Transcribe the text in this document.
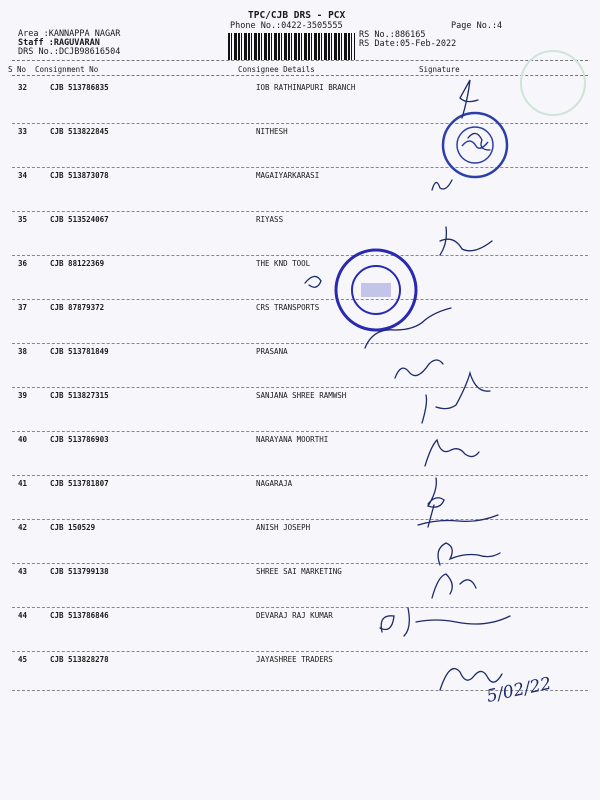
TPC/CJB DRS - PCX
Phone No.:0422-3505555	Page No.:4
Area :KANNAPPA NAGAR
Staff :RAGUVARAN
DRS No.:DCJB98616504
RS No.:886165
RS Date:05-Feb-2022
S No Consignment No	Consignee Details	Signature
32	CJB 513786835	IOB RATHINAPURI BRANCH
33	CJB 513822845	NITHESH
34	CJB 513873078	MAGAIYARKARASI
35	CJB 513524067	RIYASS
36	CJB 88122369	THE KND TOOL
37	CJB 87879372	CRS TRANSPORTS
38	CJB 513781849	PRASANA
39	CJB 513827315	SANJANA SHREE RAMWSH
40	CJB 513786903	NARAYANA MOORTHI
41	CJB 513781807	NAGARAJA
42	CJB 150529	ANISH JOSEPH
43	CJB 513799138	SHREE SAI MARKETING
44	CJB 513786846	DEVARAJ RAJ KUMAR
45	CJB 513828278	JAYASHREE TRADERS
5/02/22
